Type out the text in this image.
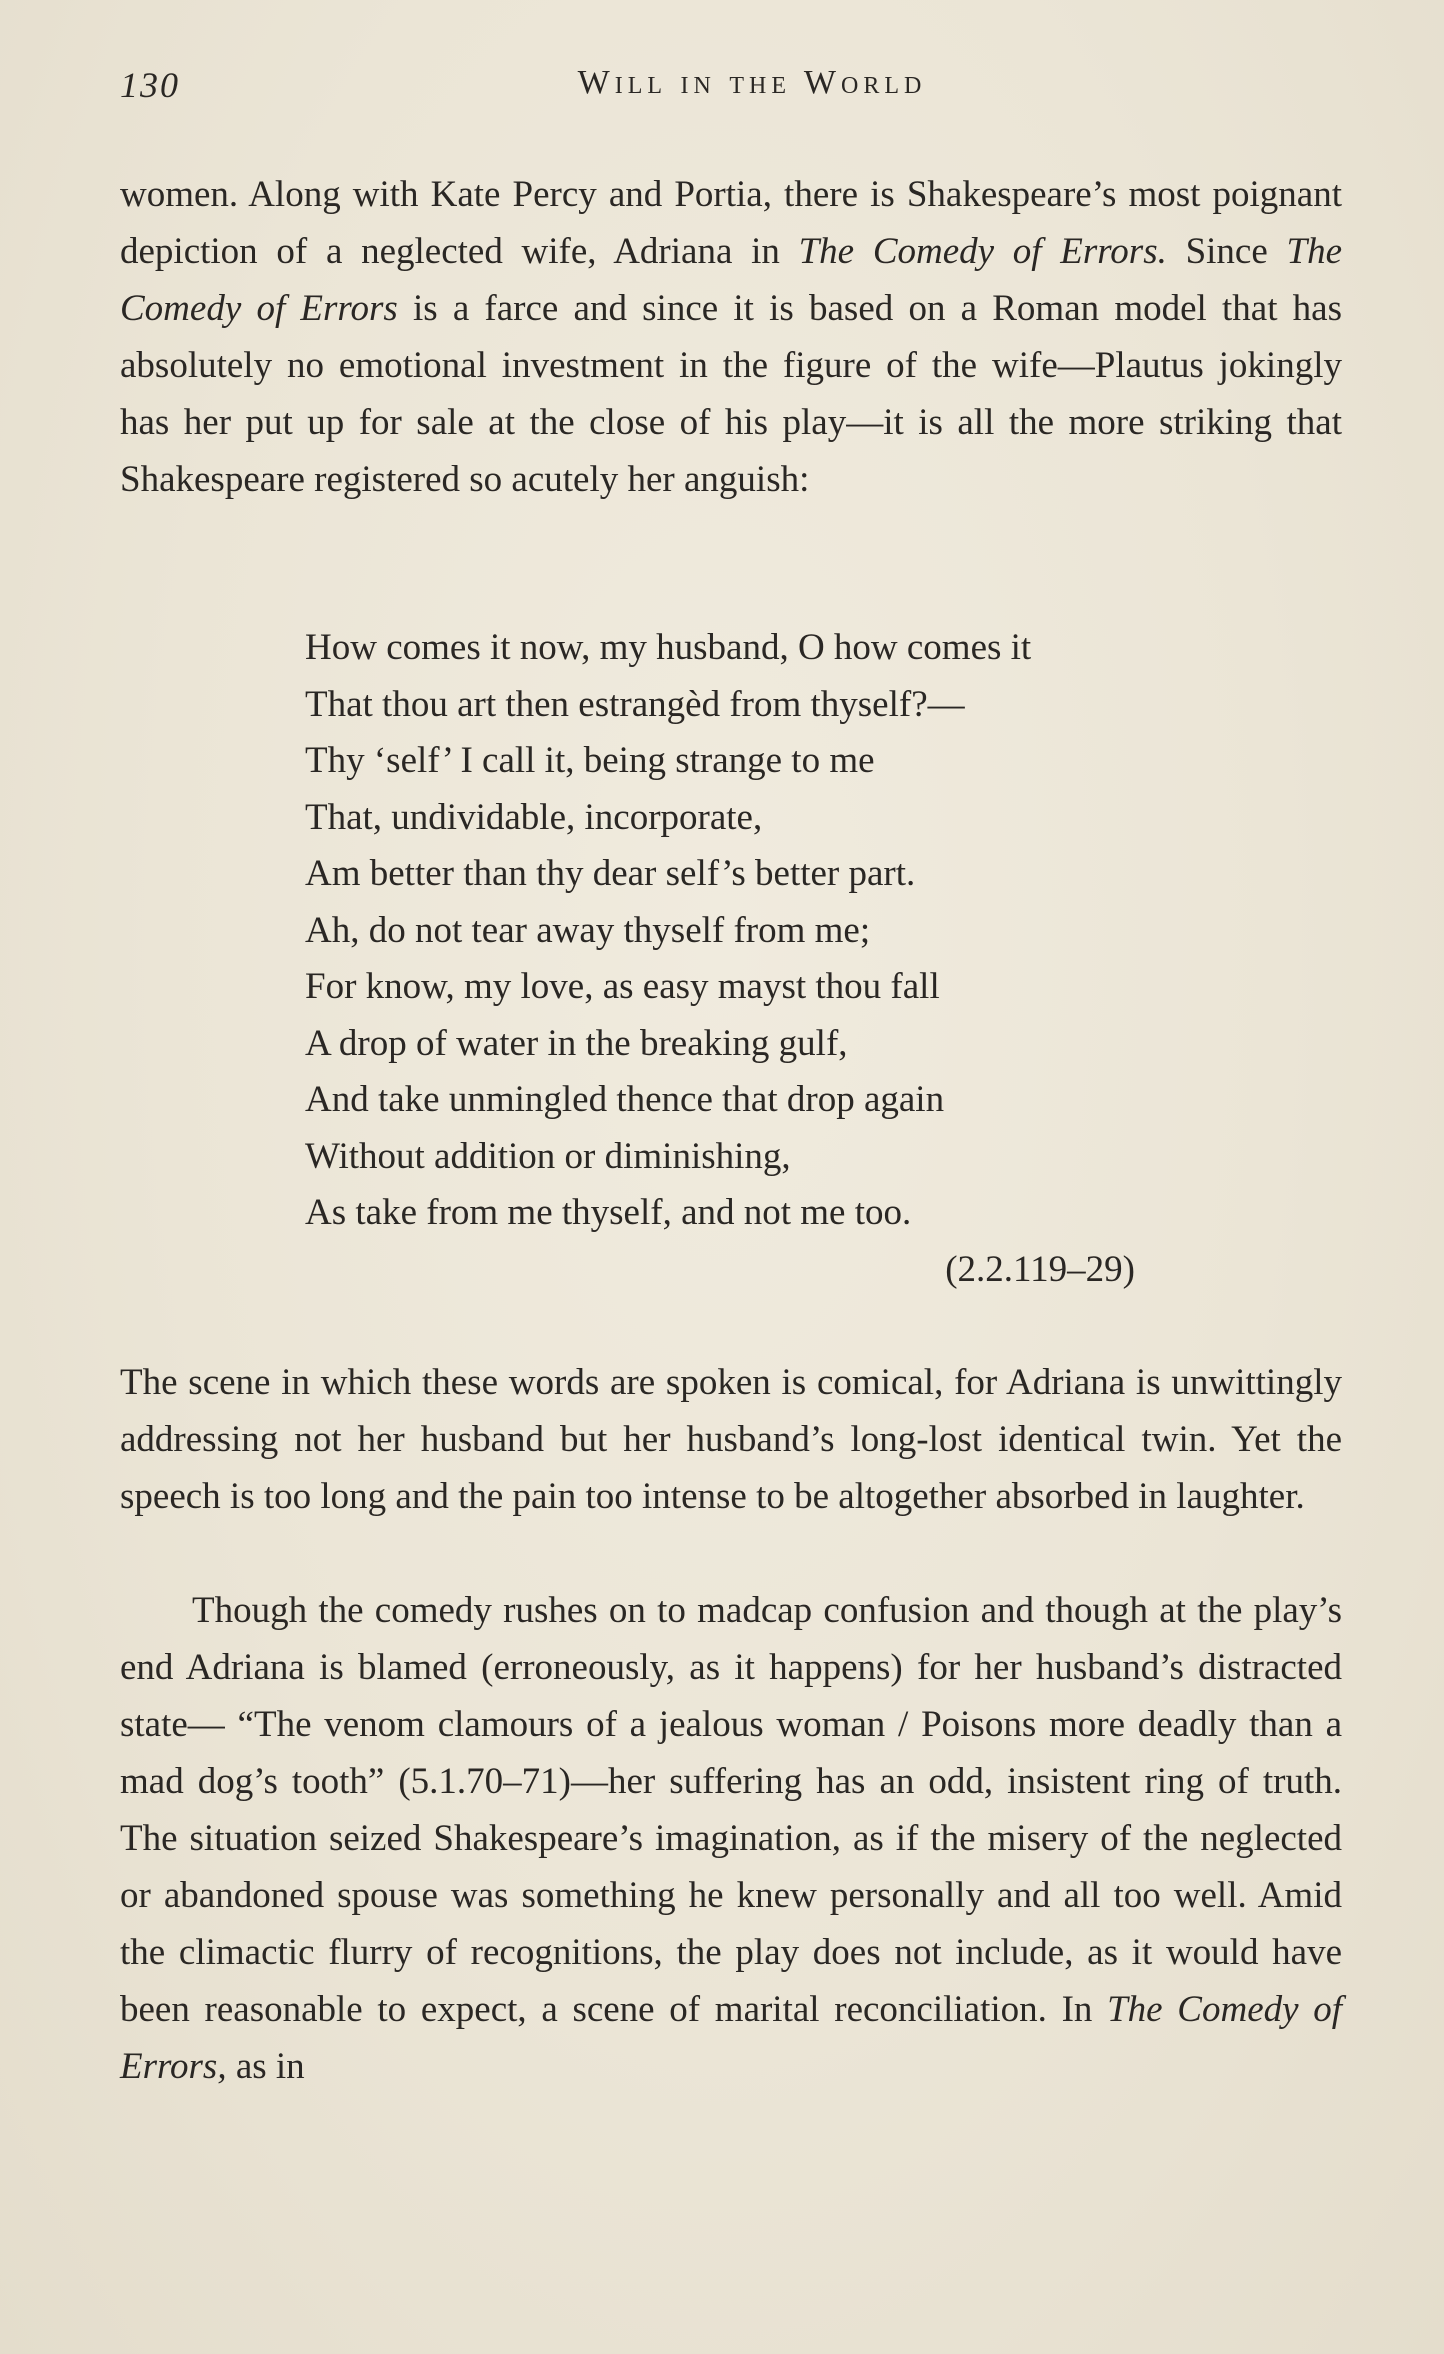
130	Will in the World

women. Along with Kate Percy and Portia, there is Shakespeare’s most poignant depiction of a neglected wife, Adriana in The Comedy of Errors. Since The Comedy of Errors is a farce and since it is based on a Roman model that has absolutely no emotional investment in the figure of the wife—Plautus jokingly has her put up for sale at the close of his play—it is all the more striking that Shakespeare registered so acutely her anguish:

How comes it now, my husband, O how comes it
That thou art then estrangèd from thyself?—
Thy ‘self’ I call it, being strange to me
That, undividable, incorporate,
Am better than thy dear self’s better part.
Ah, do not tear away thyself from me;
For know, my love, as easy mayst thou fall
A drop of water in the breaking gulf,
And take unmingled thence that drop again
Without addition or diminishing,
As take from me thyself, and not me too.
(2.2.119–29)

The scene in which these words are spoken is comical, for Adriana is unwittingly addressing not her husband but her husband’s long-lost identical twin. Yet the speech is too long and the pain too intense to be altogether absorbed in laughter.

Though the comedy rushes on to madcap confusion and though at the play’s end Adriana is blamed (erroneously, as it happens) for her husband’s distracted state— “The venom clamours of a jealous woman / Poisons more deadly than a mad dog’s tooth” (5.1.70–71)—her suffering has an odd, insistent ring of truth. The situation seized Shakespeare’s imagination, as if the misery of the neglected or abandoned spouse was something he knew personally and all too well. Amid the climactic flurry of recognitions, the play does not include, as it would have been reasonable to expect, a scene of marital reconciliation. In The Comedy of Errors, as in
